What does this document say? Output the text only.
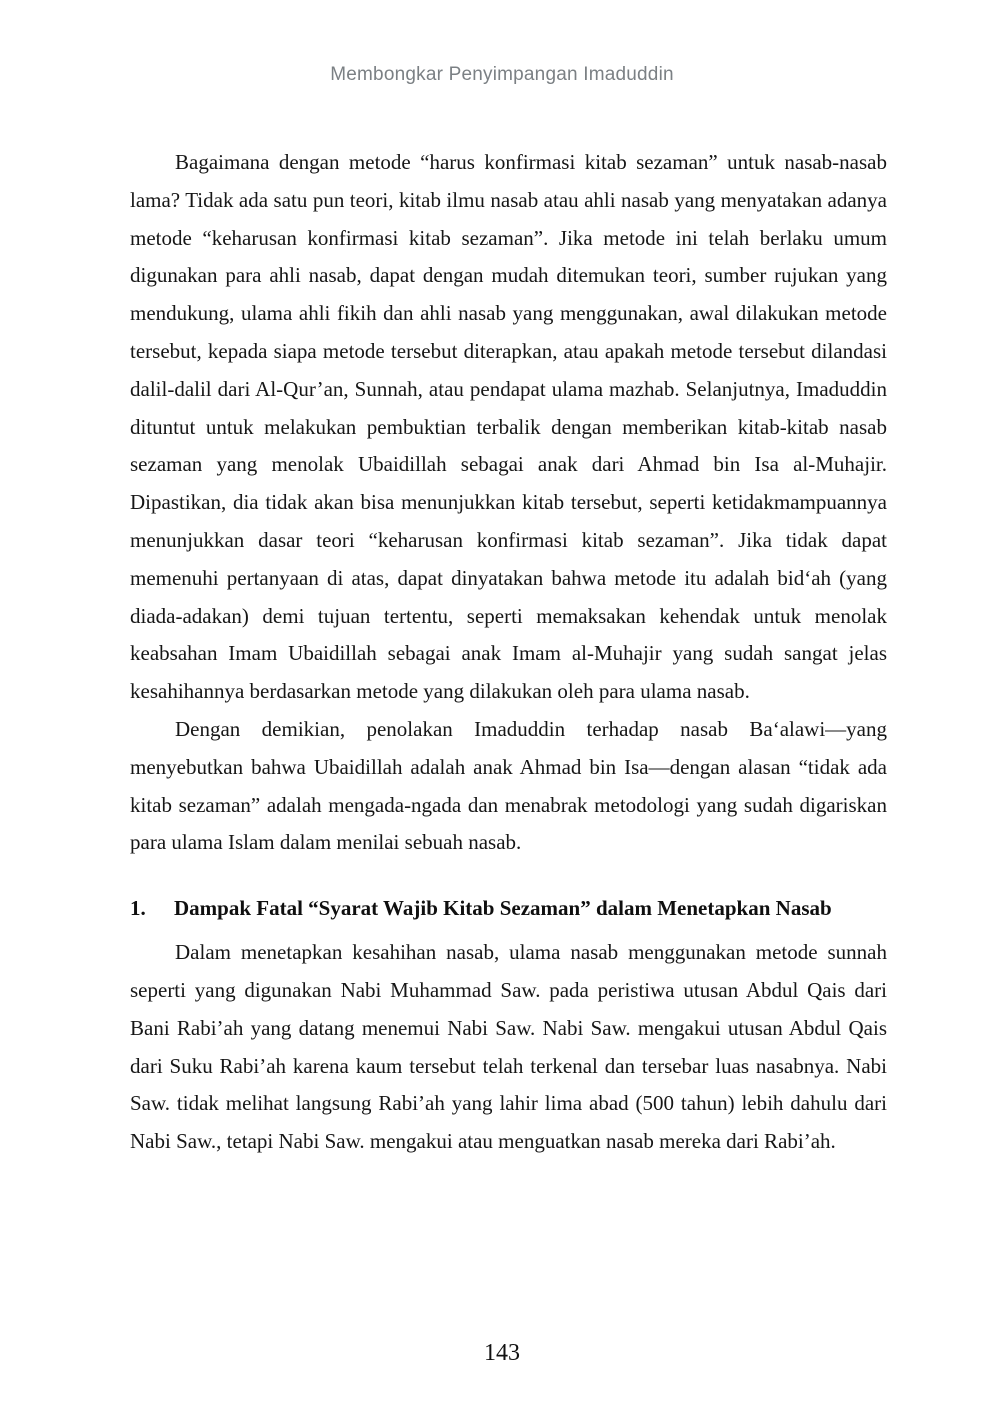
Membongkar Penyimpangan Imaduddin

Bagaimana dengan metode “harus konfirmasi kitab sezaman” untuk nasab-nasab lama? Tidak ada satu pun teori, kitab ilmu nasab atau ahli nasab yang menyatakan adanya metode “keharusan konfirmasi kitab sezaman”. Jika metode ini telah berlaku umum digunakan para ahli nasab, dapat dengan mudah ditemukan teori, sumber rujukan yang mendukung, ulama ahli fikih dan ahli nasab yang menggunakan, awal dilakukan metode tersebut, kepada siapa metode tersebut diterapkan, atau apakah metode tersebut dilandasi dalil-dalil dari Al-Qur’an, Sunnah, atau pendapat ulama mazhab. Selanjutnya, Imaduddin dituntut untuk melakukan pembuktian terbalik dengan memberikan kitab-kitab nasab sezaman yang menolak Ubaidillah sebagai anak dari Ahmad bin Isa al-Muhajir. Dipastikan, dia tidak akan bisa menunjukkan kitab tersebut, seperti ketidakmampuannya menunjukkan dasar teori “keharusan konfirmasi kitab sezaman”. Jika tidak dapat memenuhi pertanyaan di atas, dapat dinyatakan bahwa metode itu adalah bid‘ah (yang diada-adakan) demi tujuan tertentu, seperti memaksakan kehendak untuk menolak keabsahan Imam Ubaidillah sebagai anak Imam al-Muhajir yang sudah sangat jelas kesahihannya berdasarkan metode yang dilakukan oleh para ulama nasab.

Dengan demikian, penolakan Imaduddin terhadap nasab Ba‘alawi—yang menyebutkan bahwa Ubaidillah adalah anak Ahmad bin Isa—dengan alasan “tidak ada kitab sezaman” adalah mengada-ngada dan menabrak metodologi yang sudah digariskan para ulama Islam dalam menilai sebuah nasab.

1.	Dampak Fatal “Syarat Wajib Kitab Sezaman” dalam Menetapkan Nasab

Dalam menetapkan kesahihan nasab, ulama nasab menggunakan metode sunnah seperti yang digunakan Nabi Muhammad Saw. pada peristiwa utusan Abdul Qais dari Bani Rabi’ah yang datang menemui Nabi Saw. Nabi Saw. mengakui utusan Abdul Qais dari Suku Rabi’ah karena kaum tersebut telah terkenal dan tersebar luas nasabnya. Nabi Saw. tidak melihat langsung Rabi’ah yang lahir lima abad (500 tahun) lebih dahulu dari Nabi Saw., tetapi Nabi Saw. mengakui atau menguatkan nasab mereka dari Rabi’ah.

143
